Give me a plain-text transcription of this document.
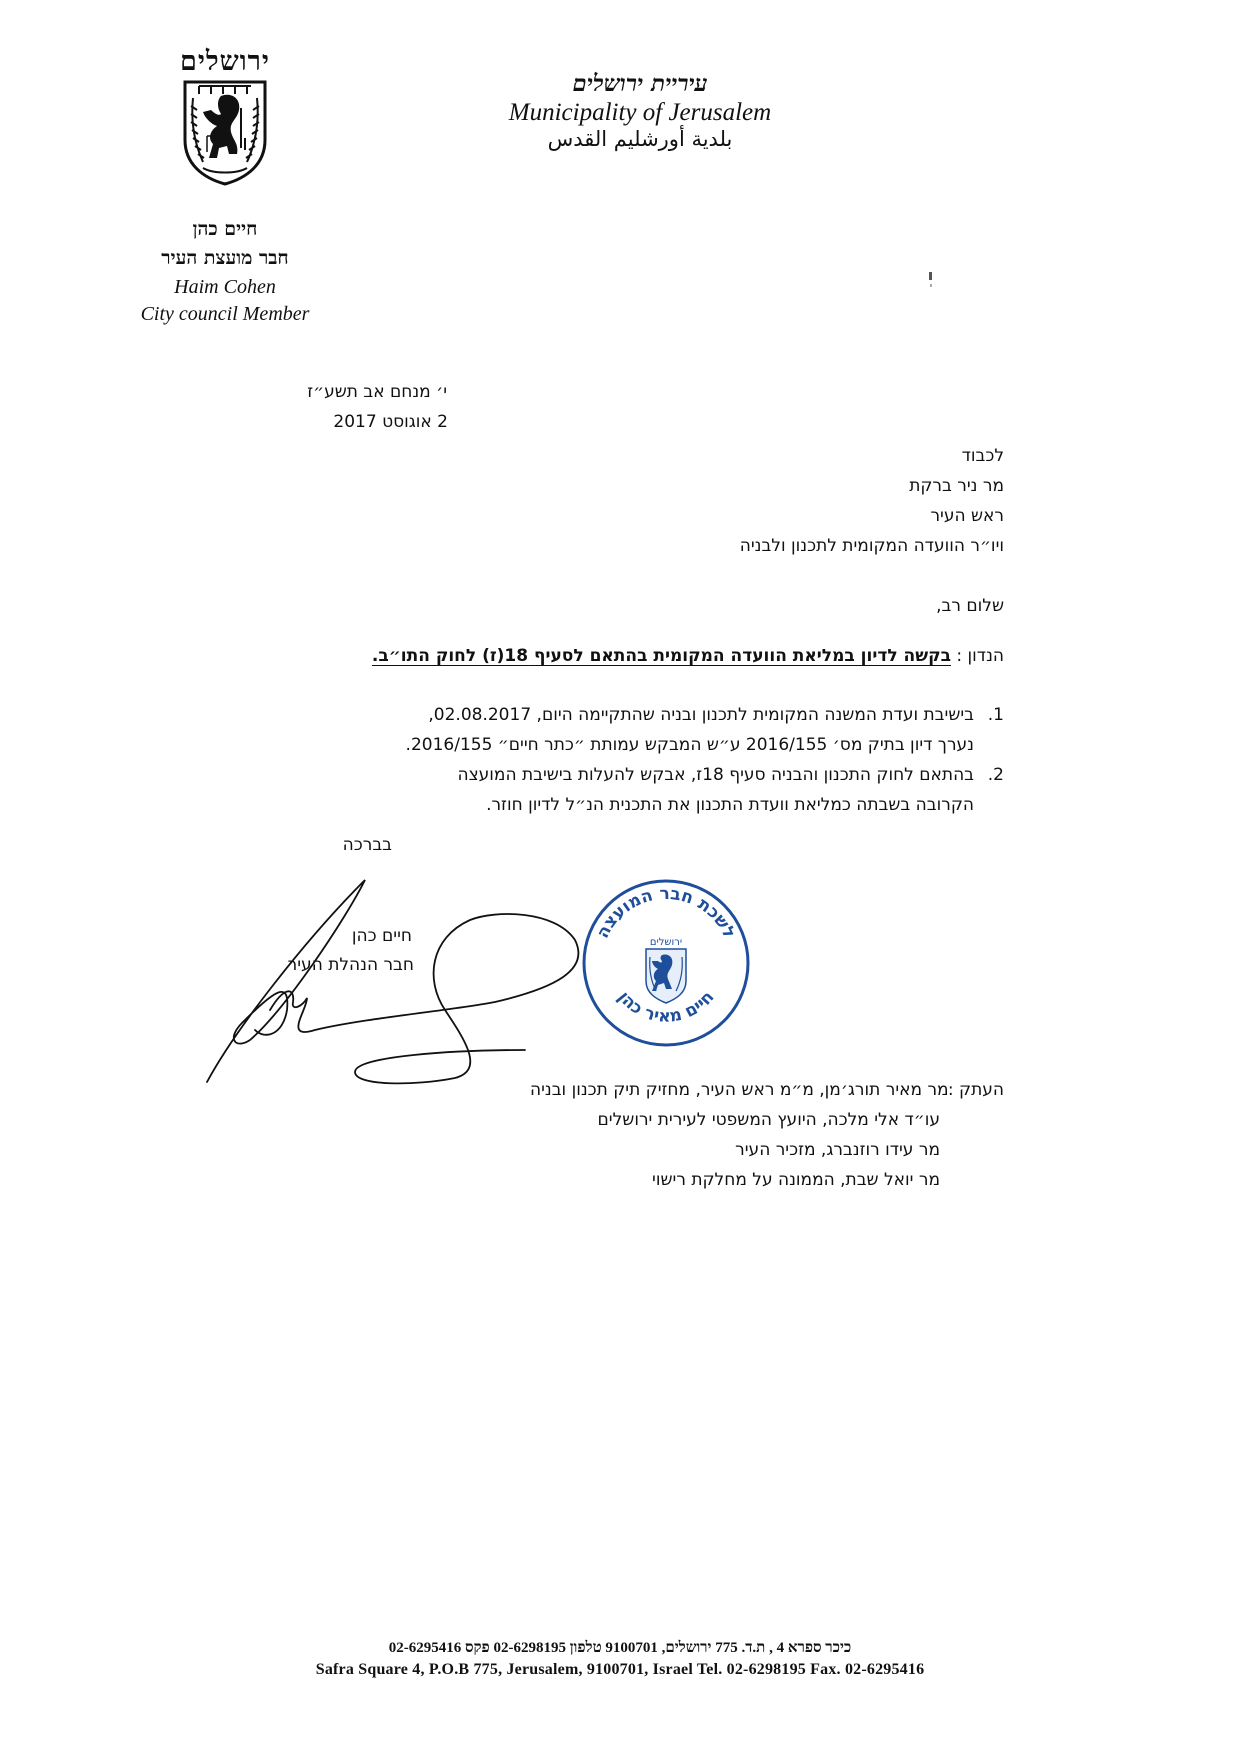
ירושלים
חיים כהן
חבר מועצת העיר
Haim Cohen
City council Member
עיריית ירושלים
Municipality of Jerusalem
بلدية أورشليم القدس
י׳ מנחם אב תשע״ז
2 אוגוסט 2017
לכבוד
מר ניר ברקת
ראש העיר
ויו״ר הוועדה המקומית לתכנון ולבניה
שלום רב,
הנדון : בקשה לדיון במליאת הוועדה המקומית בהתאם לסעיף 18(ז) לחוק התו״ב.
1.
בישיבת ועדת המשנה המקומית לתכנון ובניה שהתקיימה היום, 02.08.2017,
נערך דיון בתיק מס׳ 2016/155 ע״ש המבקש עמותת ״כתר חיים״ 2016/155.
2.
בהתאם לחוק התכנון והבניה סעיף 18ז, אבקש להעלות בישיבת המועצה
הקרובה בשבתה כמליאת וועדת התכנון את התכנית הנ״ל לדיון חוזר.
בברכה
חיים כהן
חבר הנהלת העיר
לשכת חבר המועצה
חיים מאיר כהן
ירושלים
העתק : מר מאיר תורג׳מן, מ״מ ראש העיר, מחזיק תיק תכנון ובניה
עו״ד אלי מלכה, היועץ המשפטי לעירית ירושלים
מר עידו רוזנברג, מזכיר העיר
מר יואל שבת, הממונה על מחלקת רישוי
כיכר ספרא 4 , ת.ד. 775 ירושלים, 9100701 טלפון 02-6298195 פקס 02-6295416
Safra Square 4, P.O.B 775, Jerusalem, 9100701, Israel Tel. 02-6298195 Fax. 02-6295416
